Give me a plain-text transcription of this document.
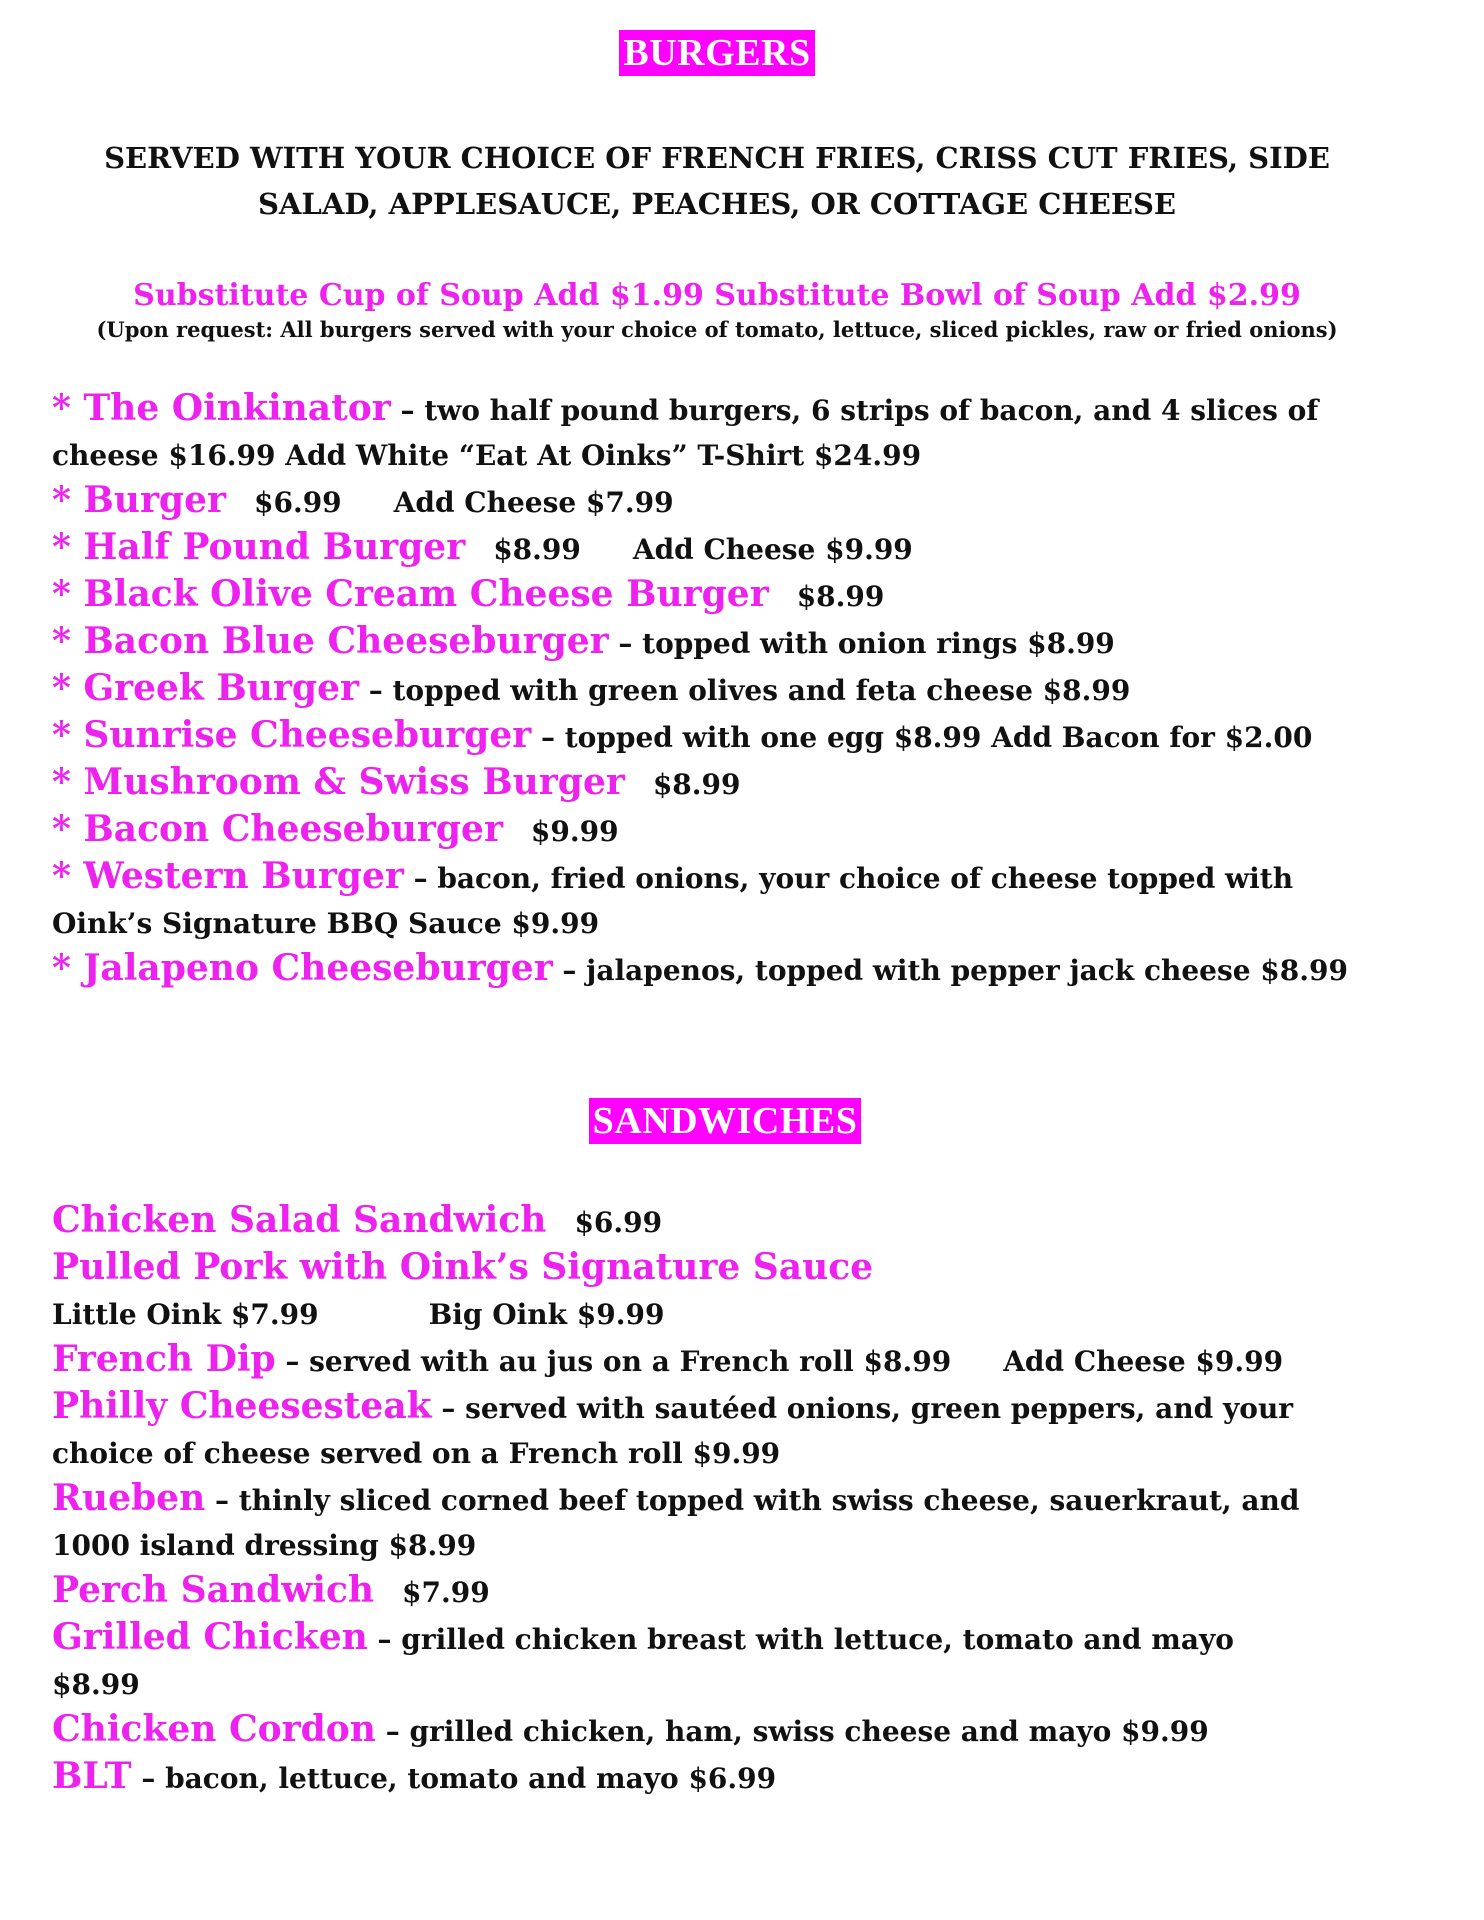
BURGERS
SERVED WITH YOUR CHOICE OF FRENCH FRIES, CRISS CUT FRIES, SIDE
SALAD, APPLESAUCE, PEACHES, OR COTTAGE CHEESE
Substitute Cup of Soup Add $1.99 Substitute Bowl of Soup Add $2.99
(Upon request: All burgers served with your choice of tomato, lettuce, sliced pickles, raw or fried onions)

* The Oinkinator – two half pound burgers, 6 strips of bacon, and 4 slices of
cheese $16.99 Add White “Eat At Oinks” T-Shirt $24.99

* Burger $6.99 Add Cheese $7.99

* Half Pound Burger $8.99 Add Cheese $9.99

* Black Olive Cream Cheese Burger $8.99

* Bacon Blue Cheeseburger – topped with onion rings $8.99

* Greek Burger – topped with green olives and feta cheese $8.99

* Sunrise Cheeseburger – topped with one egg $8.99 Add Bacon for $2.00

* Mushroom & Swiss Burger $8.99

* Bacon Cheeseburger $9.99

* Western Burger – bacon, fried onions, your choice of cheese topped with
Oink’s Signature BBQ Sauce $9.99

* Jalapeno Cheeseburger – jalapenos, topped with pepper jack cheese $8.99

SANDWICHES

Chicken Salad Sandwich $6.99

Pulled Pork with Oink’s Signature Sauce
Little Oink $7.99	Big Oink $9.99

French Dip – served with au jus on a French roll $8.99 Add Cheese $9.99

Philly Cheesesteak – served with sautéed onions, green peppers, and your
choice of cheese served on a French roll $9.99

Rueben – thinly sliced corned beef topped with swiss cheese, sauerkraut, and
1000 island dressing $8.99

Perch Sandwich $7.99

Grilled Chicken – grilled chicken breast with lettuce, tomato and mayo
$8.99

Chicken Cordon – grilled chicken, ham, swiss cheese and mayo $9.99

BLT – bacon, lettuce, tomato and mayo $6.99
